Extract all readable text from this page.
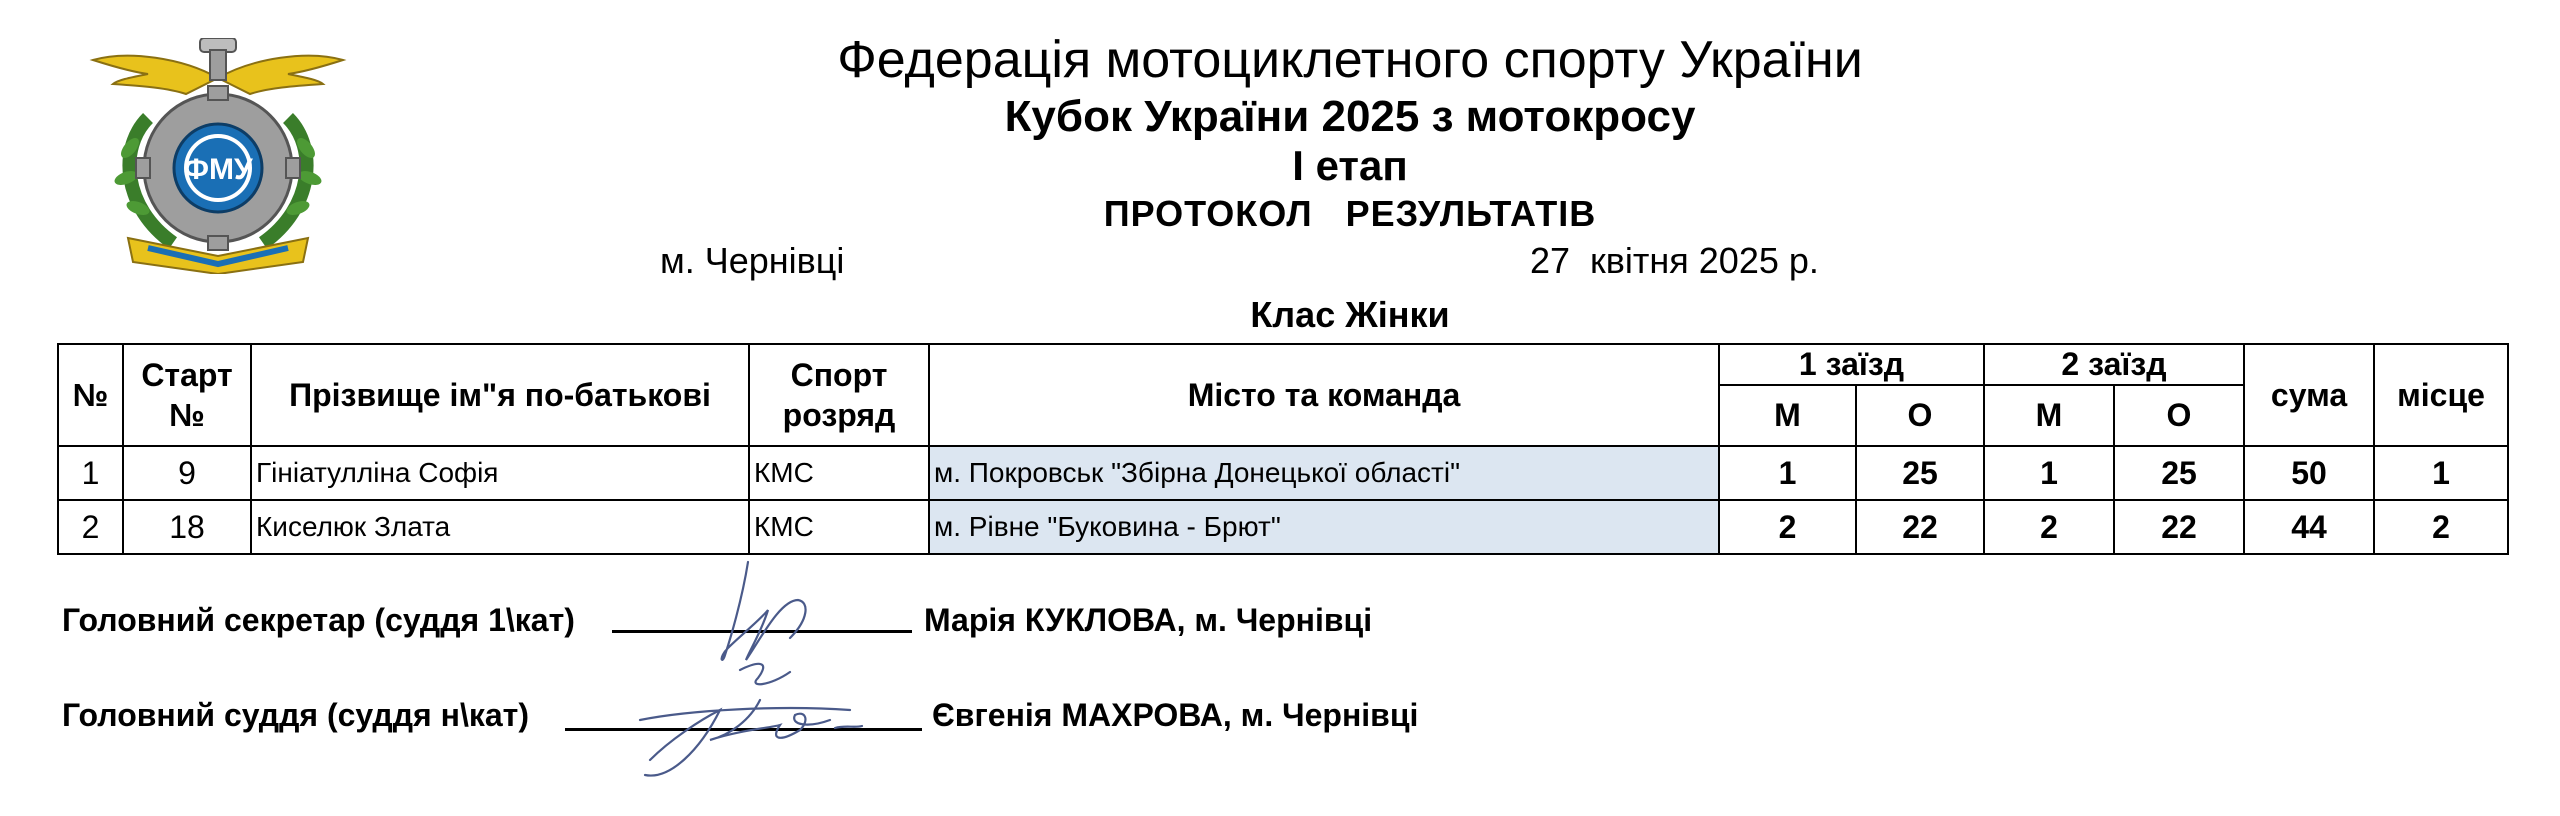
ФМУ
Федерація мотоциклетного спорту України
Кубок України 2025 з мотокросу
І етап
ПРОТОКОЛ   РЕЗУЛЬТАТІВ
м. Чернівці	27  квітня 2025 р.
Клас Жінки
№	Старт №	Прізвище ім"я по-батькові	Спорт розряд	Місто та команда	1 заїзд		2 заїзд		сума	місце
					М	О	М	О		
1	9	Гініатулліна Софія	КМС	м. Покровськ "Збірна Донецької області"	1	25	1	25	50	1
2	18	Киселюк Злата	КМС	м. Рівне "Буковина - Брют"	2	22	2	22	44	2
Головний секретар (суддя 1\кат)	Марія КУКЛОВА, м. Чернівці
Головний суддя (суддя н\кат)	Євгенія МАХРОВА, м. Чернівці
